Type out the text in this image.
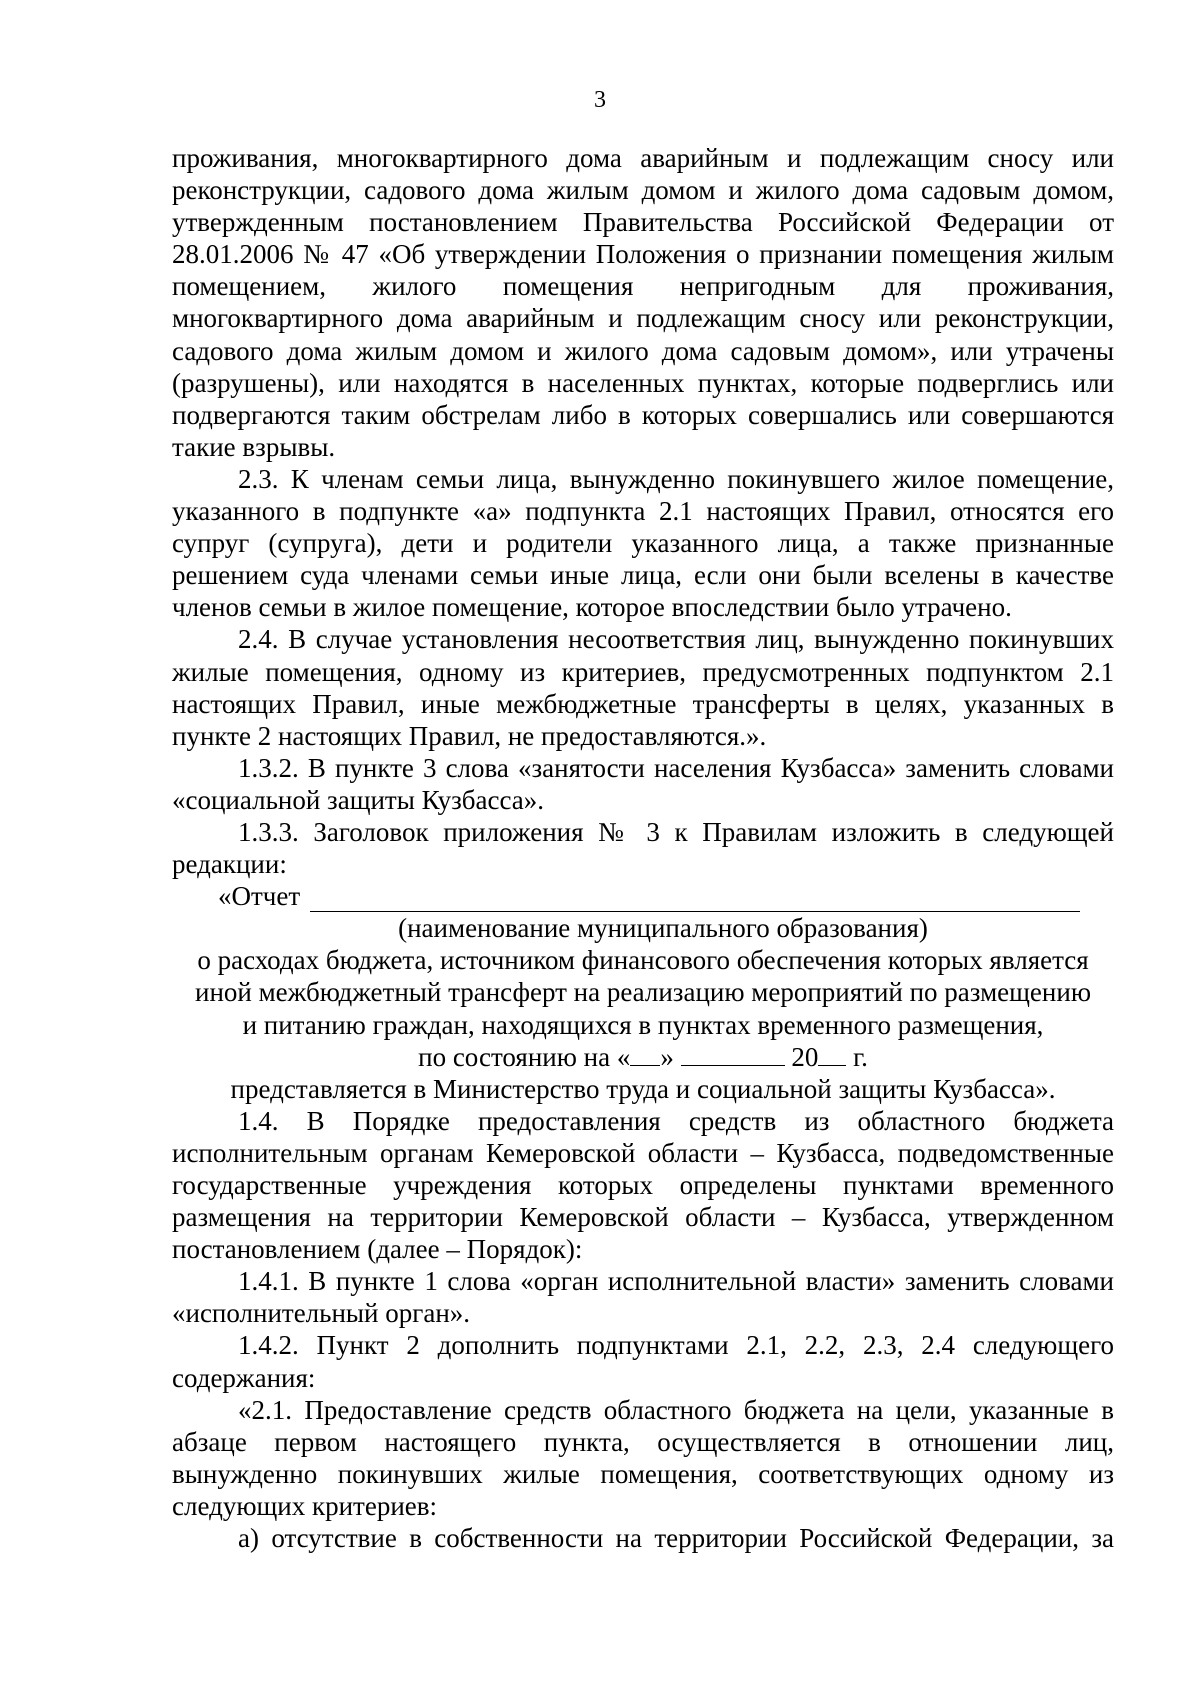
3

проживания, многоквартирного дома аварийным и подлежащим сносу или реконструкции, садового дома жилым домом и жилого дома садовым домом, утвержденным постановлением Правительства Российской Федерации от 28.01.2006 № 47 «Об утверждении Положения о признании помещения жилым помещением, жилого помещения непригодным для проживания, многоквартирного дома аварийным и подлежащим сносу или реконструкции, садового дома жилым домом и жилого дома садовым домом», или утрачены (разрушены), или находятся в населенных пунктах, которые подверглись или подвергаются таким обстрелам либо в которых совершались или совершаются такие взрывы.

2.3. К членам семьи лица, вынужденно покинувшего жилое помещение, указанного в подпункте «а» подпункта 2.1 настоящих Правил, относятся его супруг (супруга), дети и родители указанного лица, а также признанные решением суда членами семьи иные лица, если они были вселены в качестве членов семьи в жилое помещение, которое впоследствии было утрачено.

2.4. В случае установления несоответствия лиц, вынужденно покинувших жилые помещения, одному из критериев, предусмотренных подпунктом 2.1 настоящих Правил, иные межбюджетные трансферты в целях, указанных в пункте 2 настоящих Правил, не предоставляются.».

1.3.2. В пункте 3 слова «занятости населения Кузбасса» заменить словами «социальной защиты Кузбасса».

1.3.3. Заголовок приложения № 3 к Правилам изложить в следующей редакции:

«Отчет

(наименование муниципального образования)

о расходах бюджета, источником финансового обеспечения которых является

иной межбюджетный трансферт на реализацию мероприятий по размещению

и питанию граждан, находящихся в пунктах временного размещения,

по состоянию на « »	20 г.

представляется в Министерство труда и социальной защиты Кузбасса».

1.4. В Порядке предоставления средств из областного бюджета исполнительным органам Кемеровской области – Кузбасса, подведомственные государственные учреждения которых определены пунктами временного размещения на территории Кемеровской области – Кузбасса, утвержденном постановлением (далее – Порядок):

1.4.1. В пункте 1 слова «орган исполнительной власти» заменить словами «исполнительный орган».

1.4.2. Пункт 2 дополнить подпунктами 2.1, 2.2, 2.3, 2.4 следующего содержания:

«2.1. Предоставление средств областного бюджета на цели, указанные в абзаце первом настоящего пункта, осуществляется в отношении лиц, вынужденно покинувших жилые помещения, соответствующих одному из следующих критериев:

а) отсутствие в собственности на территории Российской Федерации, за
